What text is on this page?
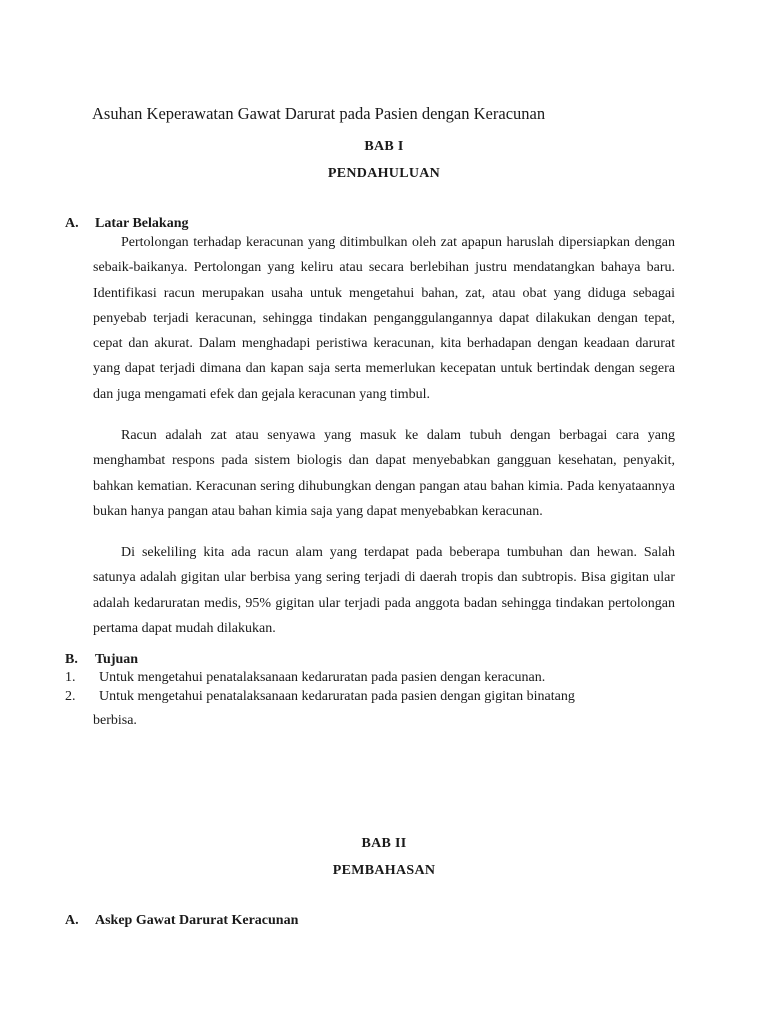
Asuhan Keperawatan Gawat Darurat pada Pasien dengan Keracunan
BAB I
PENDAHULUAN
A. Latar Belakang

Pertolongan terhadap keracunan yang ditimbulkan oleh zat apapun haruslah dipersiapkan dengan sebaik-baikanya. Pertolongan yang keliru atau secara berlebihan justru mendatangkan bahaya baru. Identifikasi racun merupakan usaha untuk mengetahui bahan, zat, atau obat yang diduga sebagai penyebab terjadi keracunan, sehingga tindakan penganggulangannya dapat dilakukan dengan tepat, cepat dan akurat. Dalam menghadapi peristiwa keracunan, kita berhadapan dengan keadaan darurat yang dapat terjadi dimana dan kapan saja serta memerlukan kecepatan untuk bertindak dengan segera dan juga mengamati efek dan gejala keracunan yang timbul.

Racun adalah zat atau senyawa yang masuk ke dalam tubuh dengan berbagai cara yang menghambat respons pada sistem biologis dan dapat menyebabkan gangguan kesehatan, penyakit, bahkan kematian. Keracunan sering dihubungkan dengan pangan atau bahan kimia. Pada kenyataannya bukan hanya pangan atau bahan kimia saja yang dapat menyebabkan keracunan.

Di sekeliling kita ada racun alam yang terdapat pada beberapa tumbuhan dan hewan. Salah satunya adalah gigitan ular berbisa yang sering terjadi di daerah tropis dan subtropis. Bisa gigitan ular adalah kedaruratan medis, 95% gigitan ular terjadi pada anggota badan sehingga tindakan pertolongan pertama dapat mudah dilakukan.

B. Tujuan
1.	Untuk mengetahui penatalaksanaan kedaruratan pada pasien dengan keracunan.
2.	Untuk mengetahui penatalaksanaan kedaruratan pada pasien dengan gigitan binatang
berbisa.
BAB II
PEMBAHASAN
A. Askep Gawat Darurat Keracunan
